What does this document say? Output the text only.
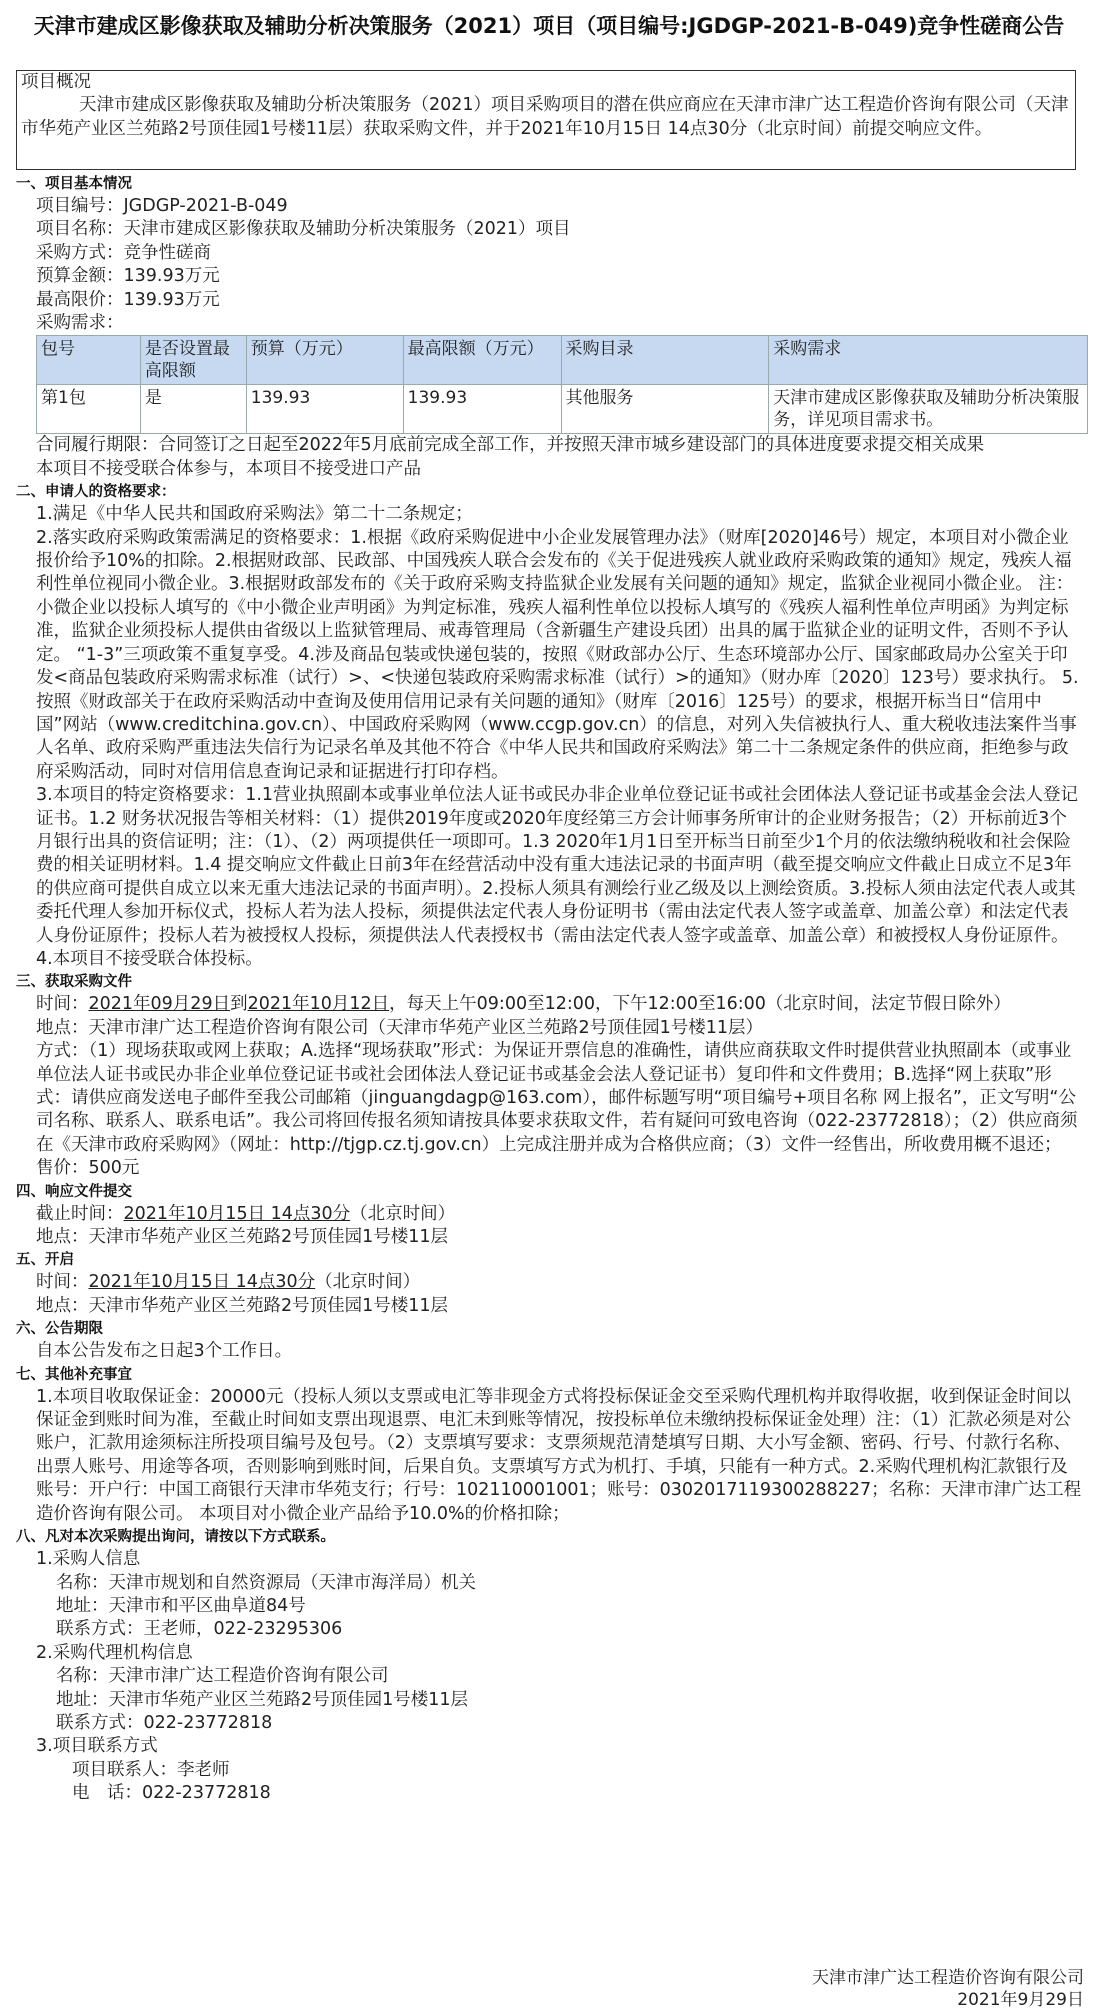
天津市建成区影像获取及辅助分析决策服务（2021）项目（项目编号:JGDGP-2021-B-049)竞争性磋商公告
项目概况
天津市建成区影像获取及辅助分析决策服务（2021）项目采购项目的潜在供应商应在天津市津广达工程造价咨询有限公司（天津市华苑产业区兰苑路2号顶佳园1号楼11层）获取采购文件，并于2021年10月15日 14点30分（北京时间）前提交响应文件。
一、项目基本情况
项目编号：JGDGP-2021-B-049
项目名称：天津市建成区影像获取及辅助分析决策服务（2021）项目
采购方式：竞争性磋商
预算金额：139.93万元
最高限价：139.93万元
采购需求：
包号	是否设置最高限额	预算（万元）	最高限额（万元）	采购目录	采购需求
第1包	是	139.93	139.93	其他服务	天津市建成区影像获取及辅助分析决策服务，详见项目需求书。
合同履行期限：合同签订之日起至2022年5月底前完成全部工作，并按照天津市城乡建设部门的具体进度要求提交相关成果
本项目不接受联合体参与，本项目不接受进口产品
二、申请人的资格要求：
1.满足《中华人民共和国政府采购法》第二十二条规定；
2.落实政府采购政策需满足的资格要求：1.根据《政府采购促进中小企业发展管理办法》（财库[2020]46号）规定，本项目对小微企业报价给予10%的扣除。2.根据财政部、民政部、中国残疾人联合会发布的《关于促进残疾人就业政府采购政策的通知》规定，残疾人福利性单位视同小微企业。3.根据财政部发布的《关于政府采购支持监狱企业发展有关问题的通知》规定，监狱企业视同小微企业。 注：小微企业以投标人填写的《中小微企业声明函》为判定标准，残疾人福利性单位以投标人填写的《残疾人福利性单位声明函》为判定标准，监狱企业须投标人提供由省级以上监狱管理局、戒毒管理局（含新疆生产建设兵团）出具的属于监狱企业的证明文件，否则不予认定。 “1-3”三项政策不重复享受。4.涉及商品包装或快递包装的，按照《财政部办公厅、生态环境部办公厅、国家邮政局办公室关于印发<商品包装政府采购需求标准（试行）>、<快递包装政府采购需求标准（试行）>的通知》（财办库〔2020〕123号）要求执行。 5.按照《财政部关于在政府采购活动中查询及使用信用记录有关问题的通知》（财库〔2016〕125号）的要求，根据开标当日“信用中国”网站（www.creditchina.gov.cn）、中国政府采购网（www.ccgp.gov.cn）的信息，对列入失信被执行人、重大税收违法案件当事人名单、政府采购严重违法失信行为记录名单及其他不符合《中华人民共和国政府采购法》第二十二条规定条件的供应商，拒绝参与政府采购活动，同时对信用信息查询记录和证据进行打印存档。
3.本项目的特定资格要求：1.1营业执照副本或事业单位法人证书或民办非企业单位登记证书或社会团体法人登记证书或基金会法人登记证书。1.2 财务状况报告等相关材料：（1）提供2019年度或2020年度经第三方会计师事务所审计的企业财务报告；（2）开标前近3个月银行出具的资信证明；注：（1）、（2）两项提供任一项即可。1.3 2020年1月1日至开标当日前至少1个月的依法缴纳税收和社会保险费的相关证明材料。1.4 提交响应文件截止日前3年在经营活动中没有重大违法记录的书面声明（截至提交响应文件截止日成立不足3年的供应商可提供自成立以来无重大违法记录的书面声明）。2.投标人须具有测绘行业乙级及以上测绘资质。3.投标人须由法定代表人或其委托代理人参加开标仪式，投标人若为法人投标，须提供法定代表人身份证明书（需由法定代表人签字或盖章、加盖公章）和法定代表人身份证原件；投标人若为被授权人投标，须提供法人代表授权书（需由法定代表人签字或盖章、加盖公章）和被授权人身份证原件。4.本项目不接受联合体投标。
三、获取采购文件
时间：2021年09月29日到2021年10月12日，每天上午09:00至12:00，下午12:00至16:00（北京时间，法定节假日除外）
地点：天津市津广达工程造价咨询有限公司（天津市华苑产业区兰苑路2号顶佳园1号楼11层）
方式：（1）现场获取或网上获取；A.选择“现场获取”形式：为保证开票信息的准确性，请供应商获取文件时提供营业执照副本（或事业单位法人证书或民办非企业单位登记证书或社会团体法人登记证书或基金会法人登记证书）复印件和文件费用；B.选择“网上获取”形式：请供应商发送电子邮件至我公司邮箱（jinguangdagp@163.com），邮件标题写明“项目编号+项目名称 网上报名”，正文写明“公司名称、联系人、联系电话”。我公司将回传报名须知请按具体要求获取文件，若有疑问可致电咨询（022-23772818）；（2）供应商须在《天津市政府采购网》（网址：http://tjgp.cz.tj.gov.cn）上完成注册并成为合格供应商；（3）文件一经售出，所收费用概不退还；
售价：500元
四、响应文件提交
截止时间：2021年10月15日 14点30分（北京时间）
地点：天津市华苑产业区兰苑路2号顶佳园1号楼11层
五、开启
时间：2021年10月15日 14点30分（北京时间）
地点：天津市华苑产业区兰苑路2号顶佳园1号楼11层
六、公告期限
自本公告发布之日起3个工作日。
七、其他补充事宜
1.本项目收取保证金：20000元（投标人须以支票或电汇等非现金方式将投标保证金交至采购代理机构并取得收据，收到保证金时间以保证金到账时间为准，至截止时间如支票出现退票、电汇未到账等情况，按投标单位未缴纳投标保证金处理）注：（1）汇款必须是对公账户，汇款用途须标注所投项目编号及包号。（2）支票填写要求：支票须规范清楚填写日期、大小写金额、密码、行号、付款行名称、出票人账号、用途等各项，否则影响到账时间，后果自负。支票填写方式为机打、手填，只能有一种方式。2.采购代理机构汇款银行及账号：开户行：中国工商银行天津市华苑支行；行号：102110001001；账号：0302017119300288227；名称：天津市津广达工程造价咨询有限公司。 本项目对小微企业产品给予10.0%的价格扣除；
八、凡对本次采购提出询问，请按以下方式联系。
1.采购人信息
名称：天津市规划和自然资源局（天津市海洋局）机关
地址：天津市和平区曲阜道84号
联系方式：王老师，022-23295306
2.采购代理机构信息
名称：天津市津广达工程造价咨询有限公司
地址：天津市华苑产业区兰苑路2号顶佳园1号楼11层
联系方式：022-23772818
3.项目联系方式
项目联系人：李老师
电　话：022-23772818
天津市津广达工程造价咨询有限公司
2021年9月29日
